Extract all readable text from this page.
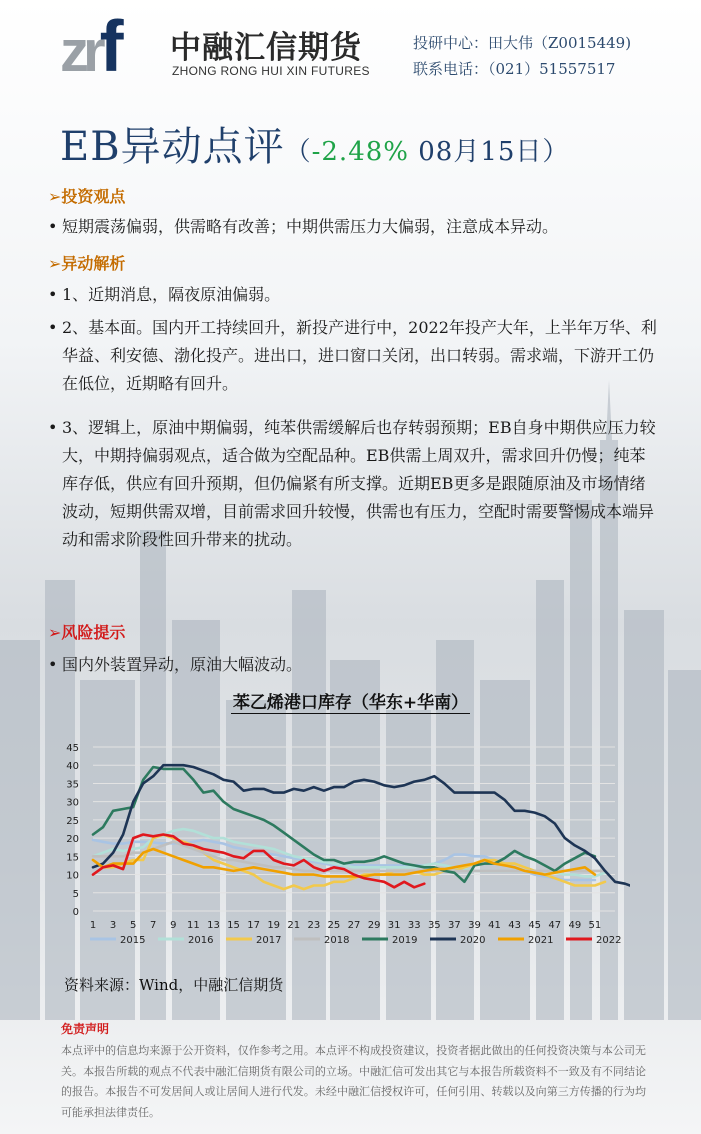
zrf 中融汇信期货
ZHONG RONG HUI XIN FUTURES
投研中心：田大伟（Z0015449)
联系电话：（021）51557517
EB异动点评（-2.48% 08月15日）
➢投资观点
• 短期震荡偏弱，供需略有改善；中期供需压力大偏弱，注意成本异动。
➢异动解析
• 1、近期消息，隔夜原油偏弱。
• 2、基本面。国内开工持续回升，新投产进行中，2022年投产大年，上半年万华、利华益、利安德、渤化投产。进出口，进口窗口关闭，出口转弱。需求端，下游开工仍在低位，近期略有回升。
• 3、逻辑上，原油中期偏弱，纯苯供需缓解后也存转弱预期；EB自身中期供应压力较大，中期持偏弱观点，适合做为空配品种。EB供需上周双升，需求回升仍慢；纯苯库存低，供应有回升预期，但仍偏紧有所支撑。近期EB更多是跟随原油及市场情绪波动，短期供需双增，目前需求回升较慢，供需也有压力，空配时需要警惕成本端异动和需求阶段性回升带来的扰动。
➢风险提示
• 国内外装置异动，原油大幅波动。
苯乙烯港口库存（华东+华南）
0
5
10
15
20
25
30
35
40
45
1 3 5 7 9 11 13 15 17 19 21 23 25 27 29 31 33 35 37 39 41 43 45 47 49 51
2015	2016	2017	2018	2019	2020	2021	2022
资料来源：Wind，中融汇信期货
免责声明
本点评中的信息均来源于公开资料，仅作参考之用。本点评不构成投资建议，投资者据此做出的任何投资决策与本公司无关。本报告所载的观点不代表中融汇信期货有限公司的立场。中融汇信可发出其它与本报告所载资料不一致及有不同结论的报告。本报告不可发居间人或让居间人进行代发。未经中融汇信授权许可，任何引用、转载以及向第三方传播的行为均可能承担法律责任。
